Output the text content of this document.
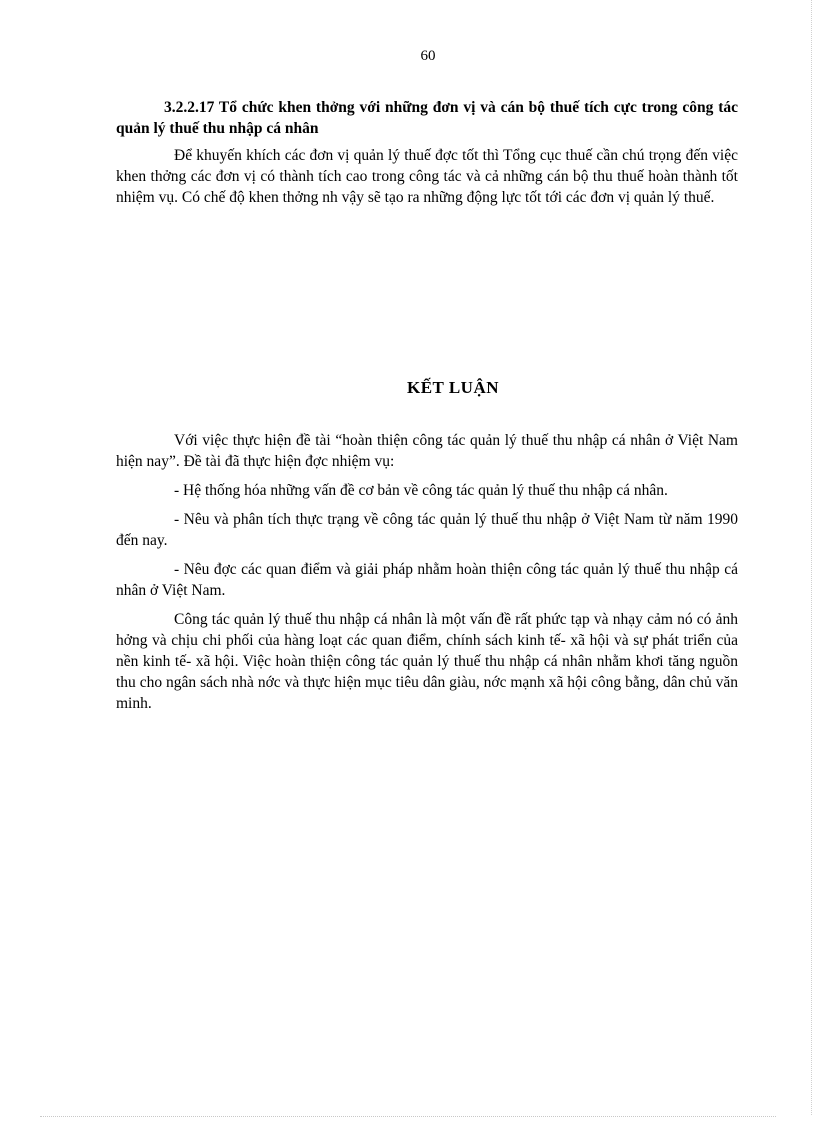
60
3.2.2.17 Tổ chức khen thởng với những đơn vị và cán bộ thuế tích cực trong công tác quản lý thuế thu nhập cá nhân

Để khuyến khích các đơn vị quản lý thuế đợc tốt thì Tổng cục thuế cần chú trọng đến việc khen thởng các đơn vị có thành tích cao trong công tác và cả những cán bộ thu thuế hoàn thành tốt nhiệm vụ. Có chế độ khen thởng nh vậy sẽ tạo ra những động lực tốt tới các đơn vị quản lý thuế.

KẾT LUẬN

Với việc thực hiện đề tài “hoàn thiện công tác quản lý thuế thu nhập cá nhân ở Việt Nam hiện nay”. Đề tài đã thực hiện đợc nhiệm vụ:

- Hệ thống hóa những vấn đề cơ bản về công tác quản lý thuế thu nhập cá nhân.

- Nêu và phân tích thực trạng về công tác quản lý thuế thu nhập ở Việt Nam từ năm 1990 đến nay.

- Nêu đợc các quan điểm và giải pháp nhằm hoàn thiện công tác quản lý thuế thu nhập cá nhân ở Việt Nam.

Công tác quản lý thuế thu nhập cá nhân là một vấn đề rất phức tạp và nhạy cảm nó có ảnh hởng và chịu chi phối của hàng loạt các quan điểm, chính sách kinh tế- xã hội và sự phát triển của nền kinh tế- xã hội. Việc hoàn thiện công tác quản lý thuế thu nhập cá nhân nhằm khơi tăng nguồn thu cho ngân sách nhà nớc và thực hiện mục tiêu dân giàu, nớc mạnh xã hội công bằng, dân chủ văn minh.
